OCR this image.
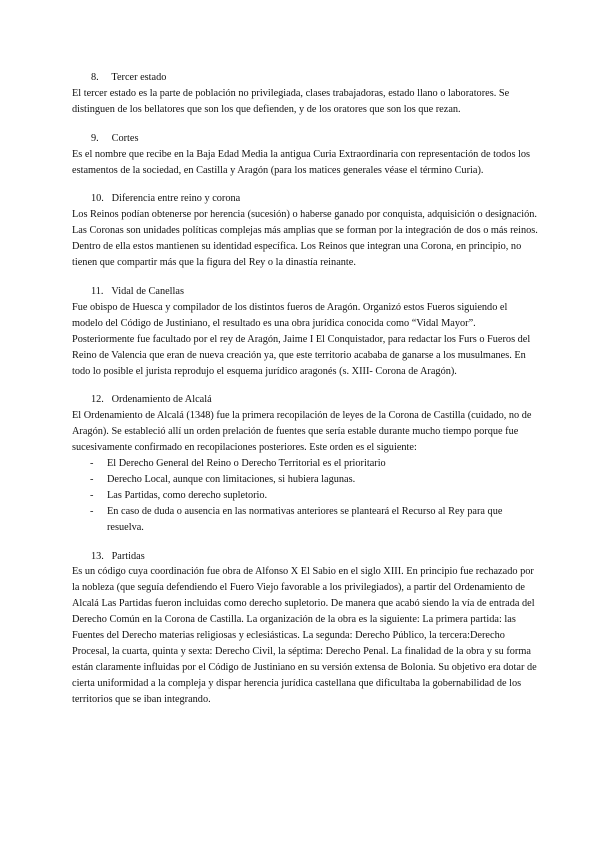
8. Tercer estado

El tercer estado es la parte de población no privilegiada, clases trabajadoras, estado llano o laboratores. Se distinguen de los bellatores que son los que defienden, y de los oratores que son los que rezan.

9. Cortes

Es el nombre que recibe en la Baja Edad Media la antigua Curia Extraordinaria con representación de todos los estamentos de la sociedad, en Castilla y Aragón (para los matices generales véase el término Curia).

10. Diferencia entre reino y corona

Los Reinos podían obtenerse por herencia (sucesión) o haberse ganado por conquista, adquisición o designación. Las Coronas son unidades políticas complejas más amplias que se forman por la integración de dos o más reinos. Dentro de ella estos mantienen su identidad específica. Los Reinos que integran una Corona, en principio, no tienen que compartir más que la figura del Rey o la dinastía reinante.

11. Vidal de Canellas

Fue obispo de Huesca y compilador de los distintos fueros de Aragón. Organizó estos Fueros siguiendo el modelo del Código de Justiniano, el resultado es una obra jurídica conocida como “Vidal Mayor”. Posteriormente fue facultado por el rey de Aragón, Jaime I El Conquistador, para redactar los Furs o Fueros del Reino de Valencia que eran de nueva creación ya, que este territorio acababa de ganarse a los musulmanes. En todo lo posible el jurista reprodujo el esquema jurídico aragonés (s. XIII- Corona de Aragón).

12. Ordenamiento de Alcalá

El Ordenamiento de Alcalá (1348) fue la primera recopilación de leyes de la Corona de Castilla (cuidado, no de Aragón). Se estableció allí un orden prelación de fuentes que sería estable durante mucho tiempo porque fue sucesivamente confirmado en recopilaciones posteriores. Este orden es el siguiente:

- El Derecho General del Reino o Derecho Territorial es el prioritario
- Derecho Local, aunque con limitaciones, si hubiera lagunas.
- Las Partidas, como derecho supletorio.
- En caso de duda o ausencia en las normativas anteriores se planteará el Recurso al Rey para que resuelva.
13. Partidas

Es un código cuya coordinación fue obra de Alfonso X El Sabio en el siglo XIII. En principio fue rechazado por la nobleza (que seguía defendiendo el Fuero Viejo favorable a los privilegiados), a partir del Ordenamiento de Alcalá Las Partidas fueron incluidas como derecho supletorio. De manera que acabó siendo la vía de entrada del Derecho Común en la Corona de Castilla. La organización de la obra es la siguiente: La primera partida: las Fuentes del Derecho materias religiosas y eclesiásticas. La segunda: Derecho Público, la tercera:Derecho Procesal, la cuarta, quinta y sexta: Derecho Civil, la séptima: Derecho Penal. La finalidad de la obra y su forma están claramente influidas por el Código de Justiniano en su versión extensa de Bolonia. Su objetivo era dotar de cierta uniformidad a la compleja y dispar herencia jurídica castellana que dificultaba la gobernabilidad de los territorios que se iban integrando.
